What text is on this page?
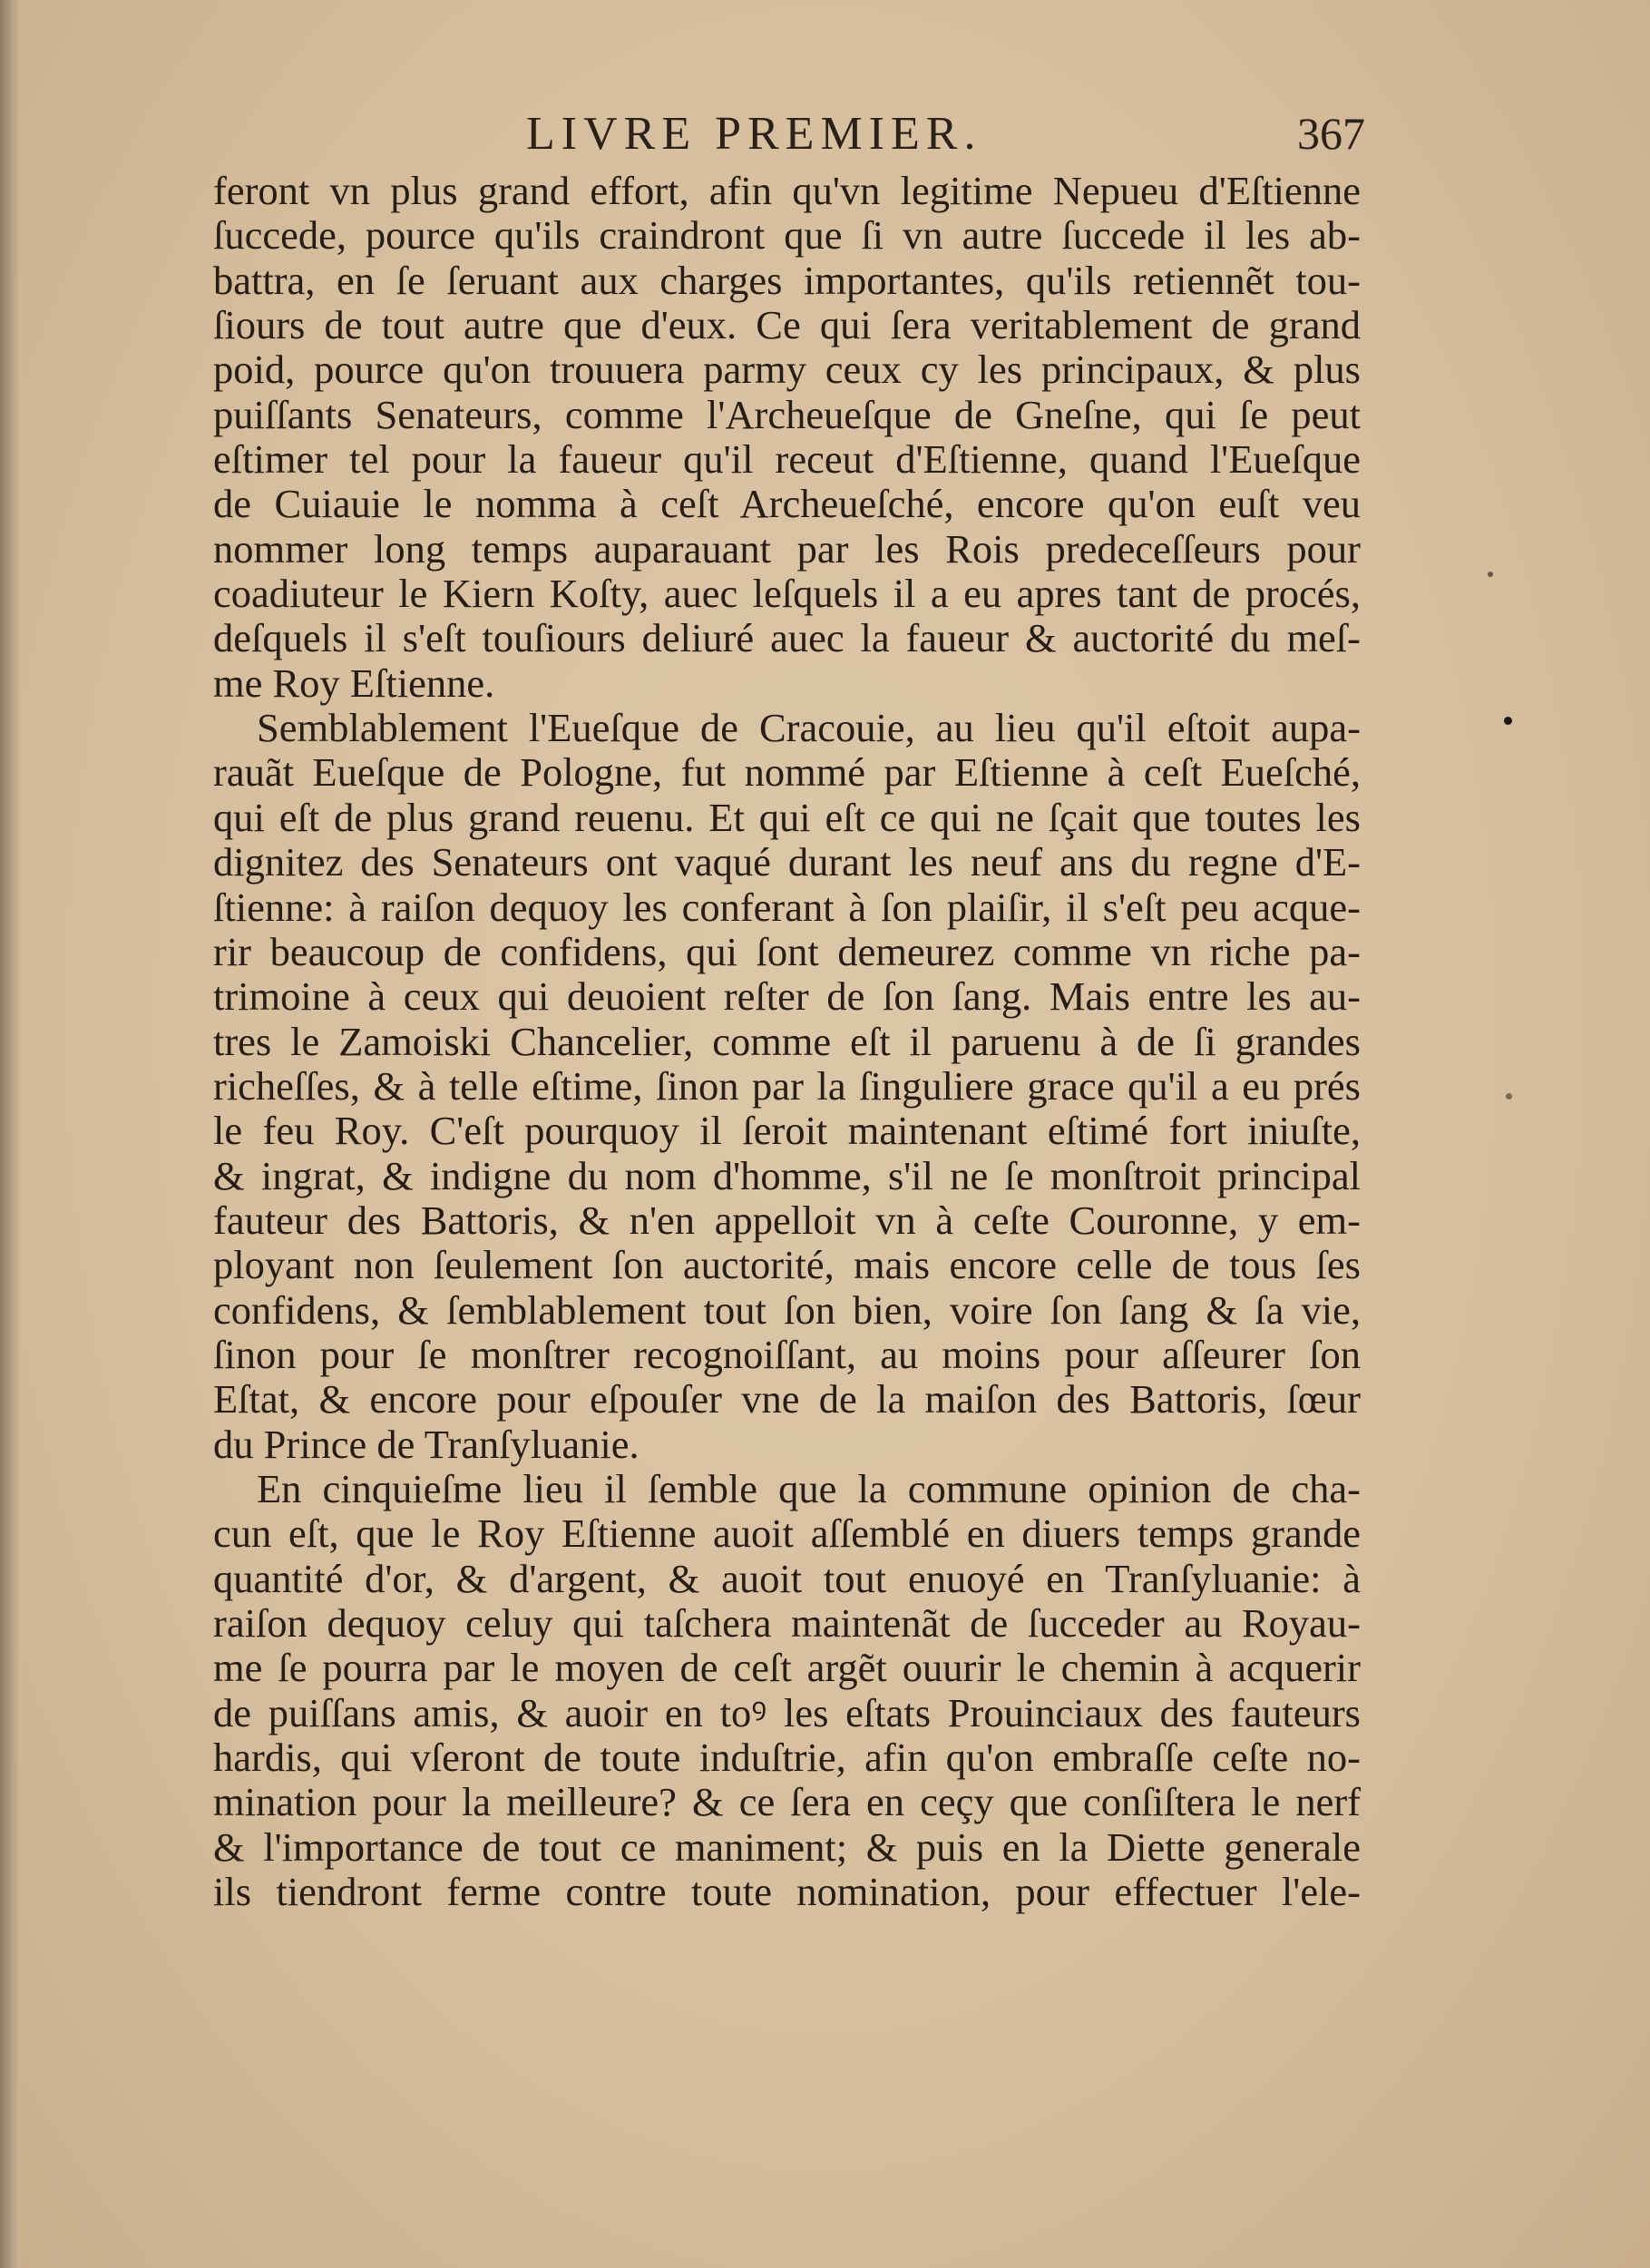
LIVRE PREMIER.	367
feront vn plus grand effort, afin qu'vn legitime Nepueu d'Eſtienne
ſuccede, pource qu'ils craindront que ſi vn autre ſuccede il les ab-
battra, en ſe ſeruant aux charges importantes, qu'ils retiennẽt tou-
ſiours de tout autre que d'eux. Ce qui ſera veritablement de grand
poid, pource qu'on trouuera parmy ceux cy les principaux, & plus
puiſſants Senateurs, comme l'Archeueſque de Gneſne, qui ſe peut
eſtimer tel pour la faueur qu'il receut d'Eſtienne, quand l'Eueſque
de Cuiauie le nomma à ceſt Archeueſché, encore qu'on euſt veu
nommer long temps auparauant par les Rois predeceſſeurs pour
coadiuteur le Kiern Koſty, auec leſquels il a eu apres tant de procés,
deſquels il s'eſt touſiours deliuré auec la faueur & auctorité du meſ-
me Roy Eſtienne.
Semblablement l'Eueſque de Cracouie, au lieu qu'il eſtoit aupa-
rauãt Eueſque de Pologne, fut nommé par Eſtienne à ceſt Eueſché,
qui eſt de plus grand reuenu. Et qui eſt ce qui ne ſçait que toutes les
dignitez des Senateurs ont vaqué durant les neuf ans du regne d'E-
ſtienne: à raiſon dequoy les conferant à ſon plaiſir, il s'eſt peu acque-
rir beaucoup de confidens, qui ſont demeurez comme vn riche pa-
trimoine à ceux qui deuoient reſter de ſon ſang. Mais entre les au-
tres le Zamoiski Chancelier, comme eſt il paruenu à de ſi grandes
richeſſes, & à telle eſtime, ſinon par la ſinguliere grace qu'il a eu prés
le feu Roy. C'eſt pourquoy il ſeroit maintenant eſtimé fort iniuſte,
& ingrat, & indigne du nom d'homme, s'il ne ſe monſtroit principal
fauteur des Battoris, & n'en appelloit vn à ceſte Couronne, y em-
ployant non ſeulement ſon auctorité, mais encore celle de tous ſes
confidens, & ſemblablement tout ſon bien, voire ſon ſang & ſa vie,
ſinon pour ſe monſtrer recognoiſſant, au moins pour aſſeurer ſon
Eſtat, & encore pour eſpouſer vne de la maiſon des Battoris, ſœur
du Prince de Tranſyluanie.
En cinquieſme lieu il ſemble que la commune opinion de cha-
cun eſt, que le Roy Eſtienne auoit aſſemblé en diuers temps grande
quantité d'or, & d'argent, & auoit tout enuoyé en Tranſyluanie: à
raiſon dequoy celuy qui taſchera maintenãt de ſucceder au Royau-
me ſe pourra par le moyen de ceſt argẽt ouurir le chemin à acquerir
de puiſſans amis, & auoir en toꝰ les eſtats Prouinciaux des fauteurs
hardis, qui vſeront de toute induſtrie, afin qu'on embraſſe ceſte no-
mination pour la meilleure? & ce ſera en ceçy que conſiſtera le nerf
& l'importance de tout ce maniment; & puis en la Diette generale
ils tiendront ferme contre toute nomination, pour effectuer l'ele-
